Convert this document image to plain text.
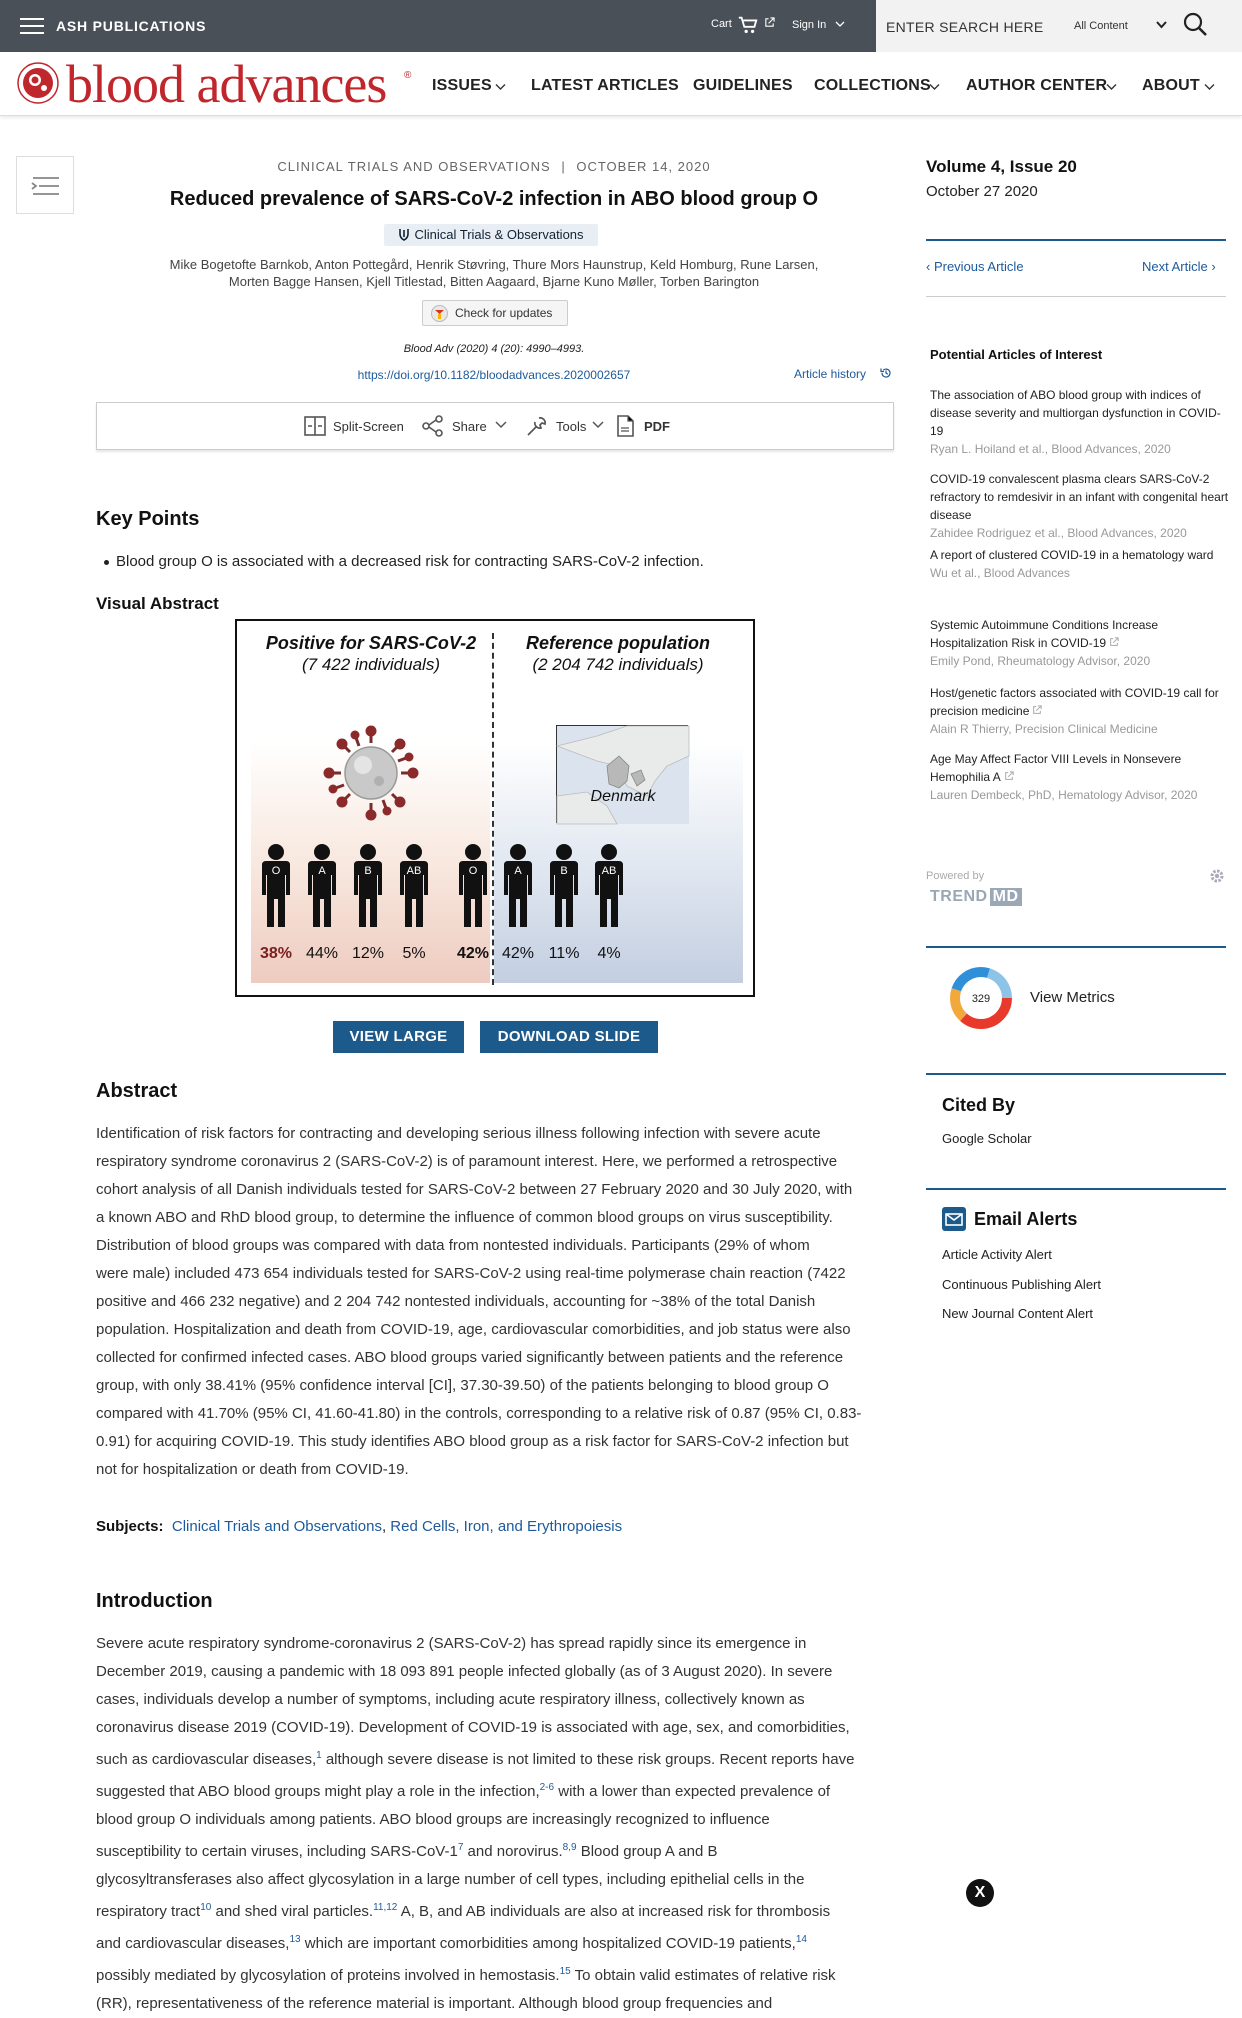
ASH PUBLICATIONS	Cart	Sign In	ENTER SEARCH HERE	All Content
blood advances ®
ISSUES LATEST ARTICLES GUIDELINES COLLECTIONS AUTHOR CENTER ABOUT
CLINICAL TRIALS AND OBSERVATIONS | OCTOBER 14, 2020
Reduced prevalence of SARS-CoV-2 infection in ABO blood group O
Clinical Trials & Observations
Mike Bogetofte Barnkob, Anton Pottegård, Henrik Støvring, Thure Mors Haunstrup, Keld Homburg, Rune Larsen,
Morten Bagge Hansen, Kjell Titlestad, Bitten Aagaard, Bjarne Kuno Møller, Torben Barington
Check for updates
Blood Adv (2020) 4 (20): 4990–4993.
https://doi.org/10.1182/bloodadvances.2020002657	Article history
Split-Screen	Share	Tools	PDF
Key Points
Blood group O is associated with a decreased risk for contracting SARS-CoV-2 infection.
Visual Abstract
Positive for SARS-CoV-2
(7 422 individuals)
Reference population
(2 204 742 individuals)
Denmark
O
38%
A
44%
B
12%
AB
5%
O
42%
A
42%
B
11%
AB
4%
VIEW LARGE	DOWNLOAD SLIDE
Abstract
Identification of risk factors for contracting and developing serious illness following infection with severe acute
respiratory syndrome coronavirus 2 (SARS-CoV-2) is of paramount interest. Here, we performed a retrospective
cohort analysis of all Danish individuals tested for SARS-CoV-2 between 27 February 2020 and 30 July 2020, with
a known ABO and RhD blood group, to determine the influence of common blood groups on virus susceptibility.
Distribution of blood groups was compared with data from nontested individuals. Participants (29% of whom
were male) included 473 654 individuals tested for SARS-CoV-2 using real-time polymerase chain reaction (7422
positive and 466 232 negative) and 2 204 742 nontested individuals, accounting for ~38% of the total Danish
population. Hospitalization and death from COVID-19, age, cardiovascular comorbidities, and job status were also
collected for confirmed infected cases. ABO blood groups varied significantly between patients and the reference
group, with only 38.41% (95% confidence interval [CI], 37.30-39.50) of the patients belonging to blood group O
compared with 41.70% (95% CI, 41.60-41.80) in the controls, corresponding to a relative risk of 0.87 (95% CI, 0.83-
0.91) for acquiring COVID-19. This study identifies ABO blood group as a risk factor for SARS-CoV-2 infection but
not for hospitalization or death from COVID-19.
Subjects: Clinical Trials and Observations, Red Cells, Iron, and Erythropoiesis
Introduction
Severe acute respiratory syndrome-coronavirus 2 (SARS-CoV-2) has spread rapidly since its emergence in
December 2019, causing a pandemic with 18 093 891 people infected globally (as of 3 August 2020). In severe
cases, individuals develop a number of symptoms, including acute respiratory illness, collectively known as
coronavirus disease 2019 (COVID-19). Development of COVID-19 is associated with age, sex, and comorbidities,
such as cardiovascular diseases,$^1$ although severe disease is not limited to these risk groups. Recent reports have
suggested that ABO blood groups might play a role in the infection,$^{2-6}$ with a lower than expected prevalence of
blood group O individuals among patients. ABO blood groups are increasingly recognized to influence
susceptibility to certain viruses, including SARS-$CoV-1^7$ and norovirus.$^{8,9}$ Blood group A and B
glycosyltransferases also affect glycosylation in a large number of cell types, including epithelial cells in the
respiratory tract$^{10}$ and shed viral particles.$^{11,12}$ A, B, and AB individuals are also at increased risk for thrombosis
and cardiovascular diseases,$^{13}$ which are important comorbidities among hospitalized COVID-19 patients,$^{14}$
possibly mediated by glycosylation of proteins involved in hemostasis.$^{15}$ To obtain valid estimates of relative risk
(RR), representativeness of the reference material is important. Although blood group frequencies and
Volume 4, Issue 20
October 27 2020
‹ Previous Article	Next Article ›
Potential Articles of Interest
The association of ABO blood group with indices of disease severity and multiorgan dysfunction in COVID-19
Ryan L. Hoiland et al., Blood Advances, 2020
COVID-19 convalescent plasma clears SARS-CoV-2 refractory to remdesivir in an infant with congenital heart disease
Zahidee Rodriguez et al., Blood Advances, 2020
A report of clustered COVID-19 in a hematology ward
Wu et al., Blood Advances
Systemic Autoimmune Conditions Increase Hospitalization Risk in COVID-19
Emily Pond, Rheumatology Advisor, 2020
Host/genetic factors associated with COVID-19 call for precision medicine
Alain R Thierry, Precision Clinical Medicine
Age May Affect Factor VIII Levels in Nonsevere Hemophilia A
Lauren Dembeck, PhD, Hematology Advisor, 2020
Powered by
TREND MD
329	View Metrics
Cited By
Google Scholar
Email Alerts
Article Activity Alert
Continuous Publishing Alert
New Journal Content Alert
X
